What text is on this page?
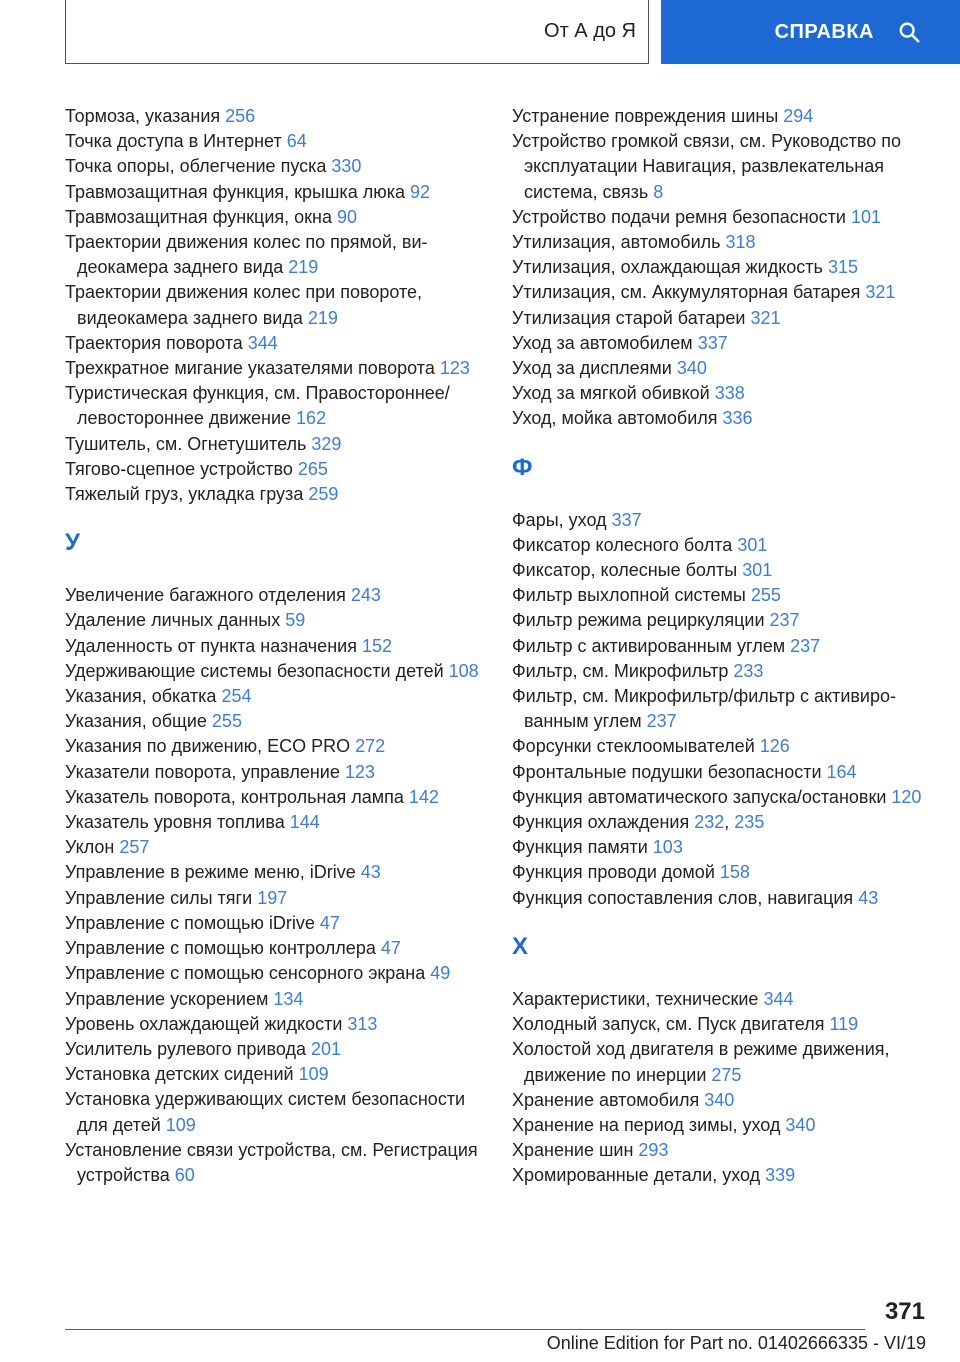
От А до Я	СПРАВКА
Тормоза, указания 256
Точка доступа в Интернет 64
Точка опоры, облегчение пуска 330
Травмозащитная функция, крышка люка 92
Травмозащитная функция, окна 90
Траектории движения колес по прямой, видеокамера заднего вида 219
Траектории движения колес при повороте, видеокамера заднего вида 219
Траектория поворота 344
Трехкратное мигание указателями поворота 123
Туристическая функция, см. Правостороннее/левостороннее движение 162
Тушитель, см. Огнетушитель 329
Тягово-сцепное устройство 265
Тяжелый груз, укладка груза 259
У
Увеличение багажного отделения 243
Удаление личных данных 59
Удаленность от пункта назначения 152
Удерживающие системы безопасности детей 108
Указания, обкатка 254
Указания, общие 255
Указания по движению, ECO PRO 272
Указатели поворота, управление 123
Указатель поворота, контрольная лампа 142
Указатель уровня топлива 144
Уклон 257
Управление в режиме меню, iDrive 43
Управление силы тяги 197
Управление с помощью iDrive 47
Управление с помощью контроллера 47
Управление с помощью сенсорного экрана 49
Управление ускорением 134
Уровень охлаждающей жидкости 313
Усилитель рулевого привода 201
Установка детских сидений 109
Установка удерживающих систем безопасности для детей 109
Установление связи устройства, см. Регистрация устройства 60
Устранение повреждения шины 294
Устройство громкой связи, см. Руководство по эксплуатации Навигация, развлекательная система, связь 8
Устройство подачи ремня безопасности 101
Утилизация, автомобиль 318
Утилизация, охлаждающая жидкость 315
Утилизация, см. Аккумуляторная батарея 321
Утилизация старой батареи 321
Уход за автомобилем 337
Уход за дисплеями 340
Уход за мягкой обивкой 338
Уход, мойка автомобиля 336
Ф
Фары, уход 337
Фиксатор колесного болта 301
Фиксатор, колесные болты 301
Фильтр выхлопной системы 255
Фильтр режима рециркуляции 237
Фильтр с активированным углем 237
Фильтр, см. Микрофильтр 233
Фильтр, см. Микрофильтр/фильтр с активированным углем 237
Форсунки стеклоомывателей 126
Фронтальные подушки безопасности 164
Функция автоматического запуска/остановки 120
Функция охлаждения 232, 235
Функция памяти 103
Функция проводи домой 158
Функция сопоставления слов, навигация 43
Х
Характеристики, технические 344
Холодный запуск, см. Пуск двигателя 119
Холостой ход двигателя в режиме движения, движение по инерции 275
Хранение автомобиля 340
Хранение на период зимы, уход 340
Хранение шин 293
Хромированные детали, уход 339
371
Online Edition for Part no. 01402666335 - VI/19
